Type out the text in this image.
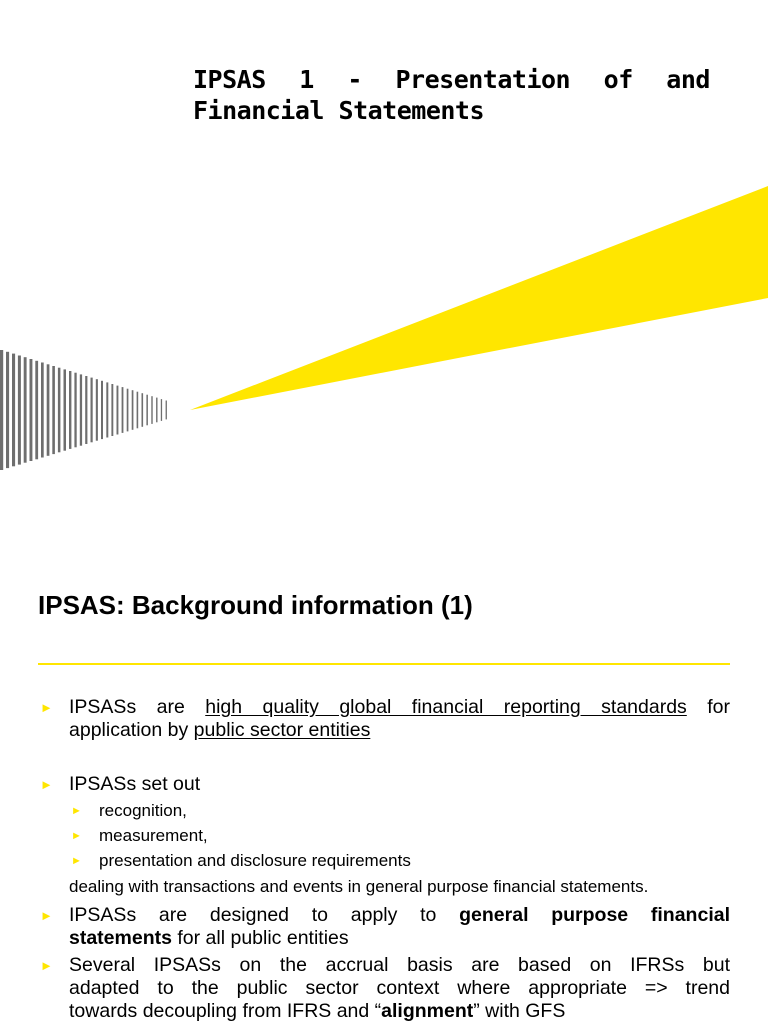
IPSAS 1 - Presentation of and
Financial Statements
IPSAS: Background information (1)
► IPSASs are high quality global financial reporting standards for
application by public sector entities
► IPSASs set out
► recognition,
► measurement,
► presentation and disclosure requirements
dealing with transactions and events in general purpose financial statements.
► IPSASs are designed to apply to general purpose financial
statements for all public entities
► Several IPSASs on the accrual basis are based on IFRSs but
adapted to the public sector context where appropriate => trend
towards decoupling from IFRS and “alignment” with GFS
